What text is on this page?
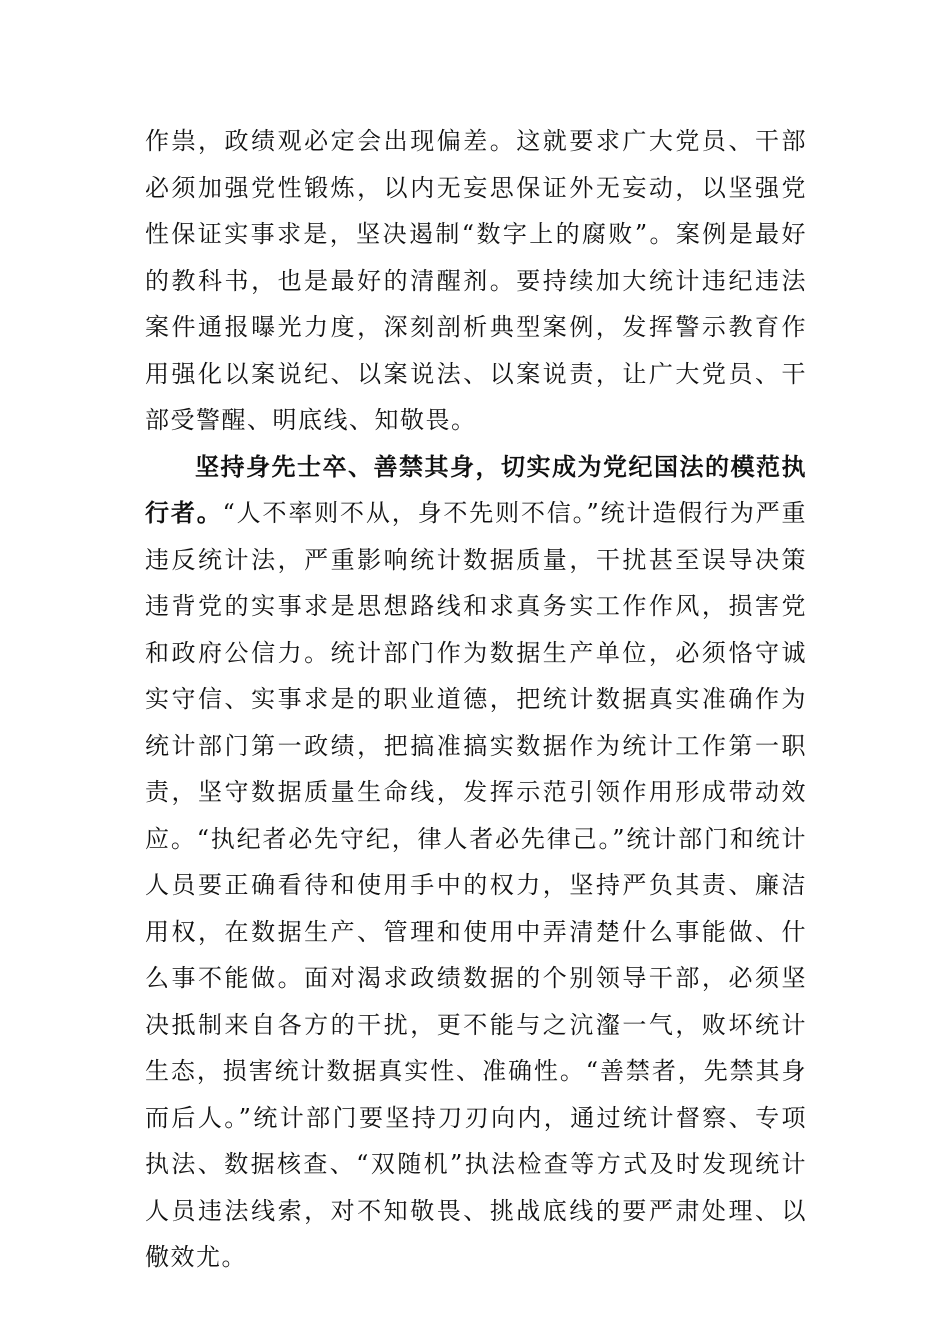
作祟，政绩观必定会出现偏差。这就要求广大党员、干部必须加强党性锻炼，以内无妄思保证外无妄动，以坚强党性保证实事求是，坚决遏制“数字上的腐败”。案例是最好的教科书，也是最好的清醒剂。要持续加大统计违纪违法案件通报曝光力度，深刻剖析典型案例，发挥警示教育作用强化以案说纪、以案说法、以案说责，让广大党员、干部受警醒、明底线、知敬畏。

坚持身先士卒、善禁其身，切实成为党纪国法的模范执行者。“人不率则不从，身不先则不信。”统计造假行为严重违反统计法，严重影响统计数据质量，干扰甚至误导决策违背党的实事求是思想路线和求真务实工作作风，损害党和政府公信力。统计部门作为数据生产单位，必须恪守诚实守信、实事求是的职业道德，把统计数据真实准确作为统计部门第一政绩，把搞准搞实数据作为统计工作第一职责，坚守数据质量生命线，发挥示范引领作用形成带动效应。“执纪者必先守纪，律人者必先律己。”统计部门和统计人员要正确看待和使用手中的权力，坚持严负其责、廉洁用权，在数据生产、管理和使用中弄清楚什么事能做、什么事不能做。面对渴求政绩数据的个别领导干部，必须坚决抵制来自各方的干扰，更不能与之沆瀣一气，败坏统计生态，损害统计数据真实性、准确性。“善禁者，先禁其身而后人。”统计部门要坚持刀刃向内，通过统计督察、专项执法、数据核查、“双随机”执法检查等方式及时发现统计人员违法线索，对不知敬畏、挑战底线的要严肃处理、以儆效尤。
